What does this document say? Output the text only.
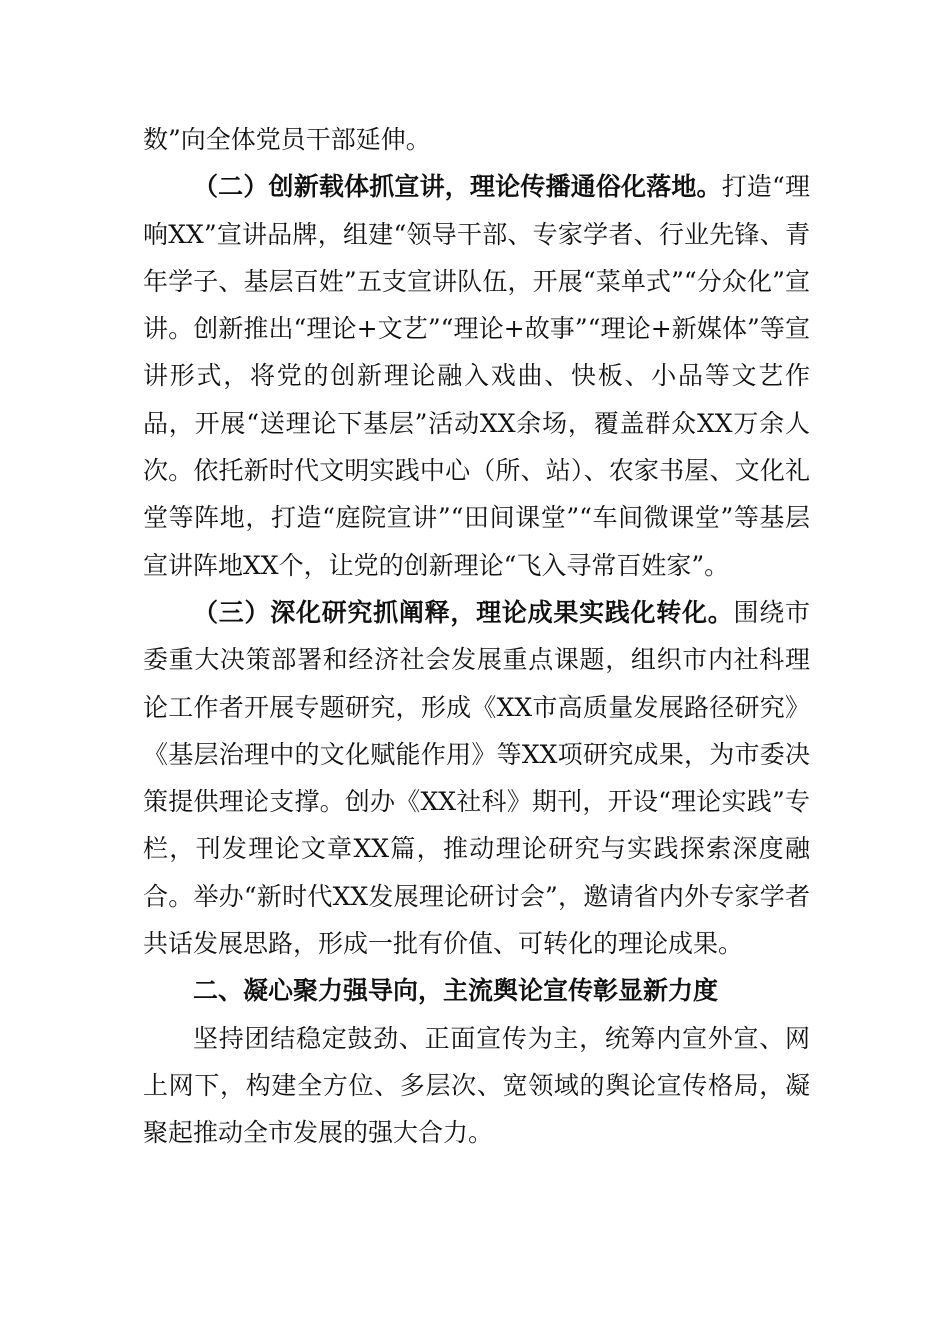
数”向全体党员干部延伸。

（二）创新载体抓宣讲，理论传播通俗化落地。打造“理响XX”宣讲品牌，组建“领导干部、专家学者、行业先锋、青年学子、基层百姓”五支宣讲队伍，开展“菜单式”“分众化”宣讲。创新推出“理论+文艺”“理论+故事”“理论+新媒体”等宣讲形式，将党的创新理论融入戏曲、快板、小品等文艺作品，开展“送理论下基层”活动XX余场，覆盖群众XX万余人次。依托新时代文明实践中心（所、站）、农家书屋、文化礼堂等阵地，打造“庭院宣讲”“田间课堂”“车间微课堂”等基层宣讲阵地XX个，让党的创新理论“飞入寻常百姓家”。

（三）深化研究抓阐释，理论成果实践化转化。围绕市委重大决策部署和经济社会发展重点课题，组织市内社科理论工作者开展专题研究，形成《XX市高质量发展路径研究》《基层治理中的文化赋能作用》等XX项研究成果，为市委决策提供理论支撑。创办《XX社科》期刊，开设“理论实践”专栏，刊发理论文章XX篇，推动理论研究与实践探索深度融合。举办“新时代XX发展理论研讨会”，邀请省内外专家学者共话发展思路，形成一批有价值、可转化的理论成果。

二、凝心聚力强导向，主流舆论宣传彰显新力度

坚持团结稳定鼓劲、正面宣传为主，统筹内宣外宣、网上网下，构建全方位、多层次、宽领域的舆论宣传格局，凝聚起推动全市发展的强大合力。
